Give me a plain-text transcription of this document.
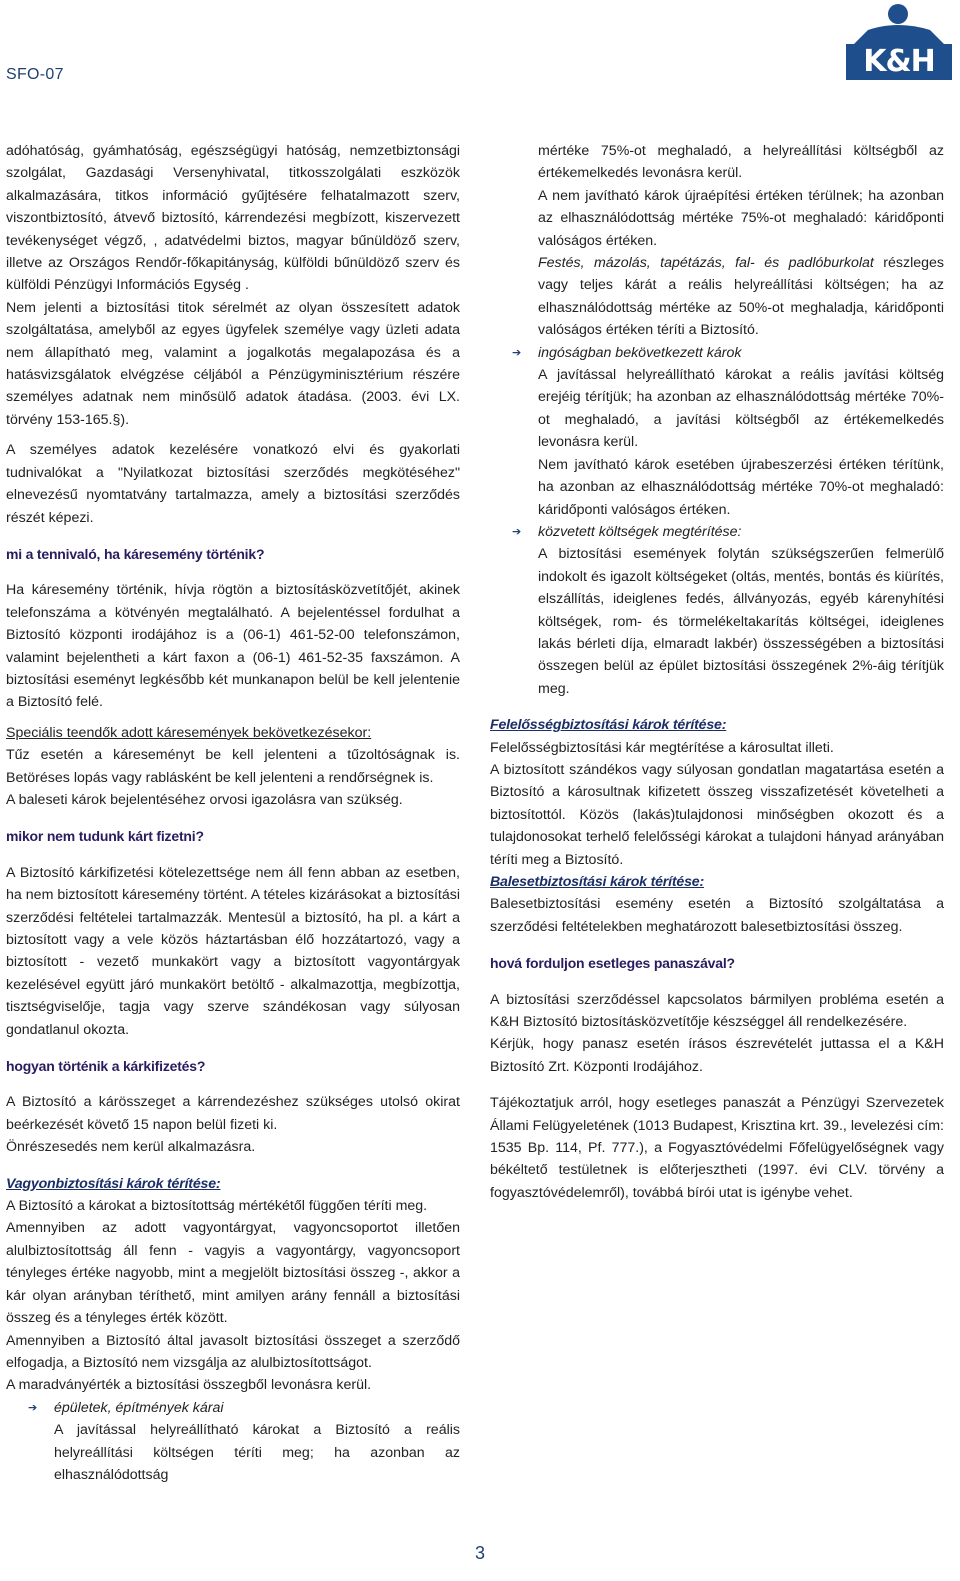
SFO-07	K&H
adóhatóság, gyámhatóság, egészségügyi hatóság, nemzetbiztonsági szolgálat, Gazdasági Versenyhivatal, titkosszolgálati eszközök alkalmazására, titkos információ gyűjtésére felhatalmazott szerv, viszontbiztosító, átvevő biztosító, kárrendezési megbízott, kiszervezett tevékenységet végző, , adatvédelmi biztos, magyar bűnüldöző szerv, illetve az Országos Rendőr-főkapitányság, külföldi bűnüldöző szerv és külföldi Pénzügyi Információs Egység .
Nem jelenti a biztosítási titok sérelmét az olyan összesített adatok szolgáltatása, amelyből az egyes ügyfelek személye vagy üzleti adata nem állapítható meg, valamint a jogalkotás megalapozása és a hatásvizsgálatok elvégzése céljából a Pénzügyminisztérium részére személyes adatnak nem minősülő adatok átadása. (2003. évi LX. törvény 153-165.§).
A személyes adatok kezelésére vonatkozó elvi és gyakorlati tudnivalókat a "Nyilatkozat biztosítási szerződés megkötéséhez" elnevezésű nyomtatvány tartalmazza, amely a biztosítási szerződés részét képezi.
mi a tennivaló, ha káresemény történik?
Ha káresemény történik, hívja rögtön a biztosításközvetítőjét, akinek telefonszáma a kötvényén megtalálható. A bejelentéssel fordulhat a Biztosító központi irodájához is a (06-1) 461-52-00 telefonszámon, valamint bejelentheti a kárt faxon a (06-1) 461-52-35 faxszámon. A biztosítási eseményt legkésőbb két munkanapon belül be kell jelentenie a Biztosító felé.
Speciális teendők adott káresemények bekövetkezésekor:
Tűz esetén a káreseményt be kell jelenteni a tűzoltóságnak is. Betöréses lopás vagy rablásként be kell jelenteni a rendőrségnek is.
A baleseti károk bejelentéséhez orvosi igazolásra van szükség.
mikor nem tudunk kárt fizetni?
A Biztosító kárkifizetési kötelezettsége nem áll fenn abban az esetben, ha nem biztosított káresemény történt. A tételes kizárásokat a biztosítási szerződési feltételei tartalmazzák. Mentesül a biztosító, ha pl. a kárt a biztosított vagy a vele közös háztartásban élő hozzátartozó, vagy a biztosított - vezető munkakört vagy a biztosított vagyontárgyak kezelésével együtt járó munkakört betöltő - alkalmazottja, megbízottja, tisztségviselője, tagja vagy szerve szándékosan vagy súlyosan gondatlanul okozta.
hogyan történik a kárkifizetés?
A Biztosító a kárösszeget a kárrendezéshez szükséges utolsó okirat beérkezését követő 15 napon belül fizeti ki.
Önrészesedés nem kerül alkalmazásra.
Vagyonbiztosítási károk térítése:
A Biztosító a károkat a biztosítottság mértékétől függően téríti meg.
Amennyiben az adott vagyontárgyat, vagyoncsoportot illetően alulbiztosítottság áll fenn - vagyis a vagyontárgy, vagyoncsoport tényleges értéke nagyobb, mint a megjelölt biztosítási összeg -, akkor a kár olyan arányban téríthető, mint amilyen arány fennáll a biztosítási összeg és a tényleges érték között.
Amennyiben a Biztosító által javasolt biztosítási összeget a szerződő elfogadja, a Biztosító nem vizsgálja az alulbiztosítottságot.
A maradványérték a biztosítási összegből levonásra kerül.
➔ épületek, építmények kárai
A javítással helyreállítható károkat a Biztosító a reális helyreállítási költségen téríti meg; ha azonban az elhasználódottság
mértéke 75%-ot meghaladó, a helyreállítási költségből az értékemelkedés levonásra kerül.
A nem javítható károk újraépítési értéken térülnek; ha azonban az elhasználódottság mértéke 75%-ot meghaladó: káridőponti valóságos értéken.
Festés, mázolás, tapétázás, fal- és padlóburkolat részleges vagy teljes kárát a reális helyreállítási költségen; ha az elhasználódottság mértéke az 50%-ot meghaladja, káridőponti valóságos értéken téríti a Biztosító.
➔ ingóságban bekövetkezett károk
A javítással helyreállítható károkat a reális javítási költség erejéig térítjük; ha azonban az elhasználódottság mértéke 70%-ot meghaladó, a javítási költségből az értékemelkedés levonásra kerül.
Nem javítható károk esetében újrabeszerzési értéken térítünk, ha azonban az elhasználódottság mértéke 70%-ot meghaladó: káridőponti valóságos értéken.
➔ közvetett költségek megtérítése:
A biztosítási események folytán szükségszerűen felmerülő indokolt és igazolt költségeket (oltás, mentés, bontás és kiürítés, elszállítás, ideiglenes fedés, állványozás, egyéb kárenyhítési költségek, rom- és törmelékeltakarítás költségei, ideiglenes lakás bérleti díja, elmaradt lakbér) összességében a biztosítási összegen belül az épület biztosítási összegének 2%-áig térítjük meg.
Felelősségbiztosítási károk térítése:
Felelősségbiztosítási kár megtérítése a károsultat illeti.
A biztosított szándékos vagy súlyosan gondatlan magatartása esetén a Biztosító a károsultnak kifizetett összeg visszafizetését követelheti a biztosítottól. Közös (lakás)tulajdonosi minőségben okozott és a tulajdonosokat terhelő felelősségi károkat a tulajdoni hányad arányában téríti meg a Biztosító.
Balesetbiztosítási károk térítése:
Balesetbiztosítási esemény esetén a Biztosító szolgáltatása a szerződési feltételekben meghatározott balesetbiztosítási összeg.
hová forduljon esetleges panaszával?
A biztosítási szerződéssel kapcsolatos bármilyen probléma esetén a K&H Biztosító biztosításközvetítője készséggel áll rendelkezésére.
Kérjük, hogy panasz esetén írásos észrevételét juttassa el a K&H Biztosító Zrt. Központi Irodájához.
Tájékoztatjuk arról, hogy esetleges panaszát a Pénzügyi Szervezetek Állami Felügyeletének (1013 Budapest, Krisztina krt. 39., levelezési cím: 1535 Bp. 114, Pf. 777.), a Fogyasztóvédelmi Főfelügyelőségnek vagy békéltető testületnek is előterjesztheti (1997. évi CLV. törvény a fogyasztóvédelemről), továbbá bírói utat is igénybe vehet.
3
